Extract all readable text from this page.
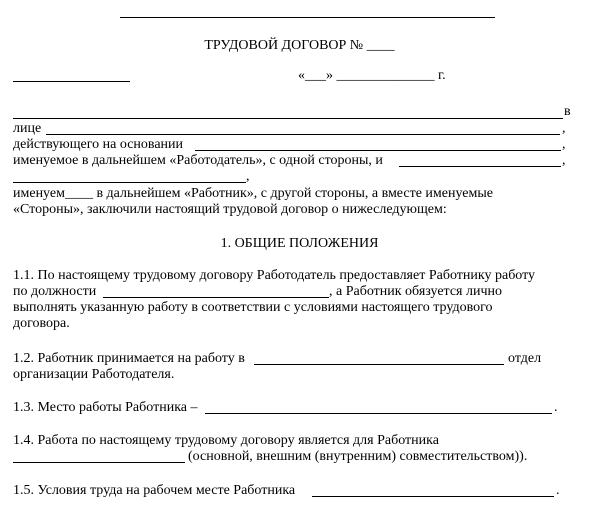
ТРУДОВОЙ ДОГОВОР № ____
«___» ______________ г.
в
лице	,
действующего на основании	,
именуемое в дальнейшем «Работодатель», с одной стороны, и	,
,
именуем____ в дальнейшем «Работник», с другой стороны, а вместе именуемые
«Стороны», заключили настоящий трудовой договор о нижеследующем:
1. ОБЩИЕ ПОЛОЖЕНИЯ
1.1. По настоящему трудовому договору Работодатель предоставляет Работнику работу
по должности	, а Работник обязуется лично
выполнять указанную работу в соответствии с условиями настоящего трудового
договора.
1.2. Работник принимается на работу в	отдел
организации Работодателя.
1.3. Место работы Работника –	.
1.4. Работа по настоящему трудовому договору является для Работника
(основной, внешним (внутренним) совместительством)).
1.5. Условия труда на рабочем месте Работника	.
